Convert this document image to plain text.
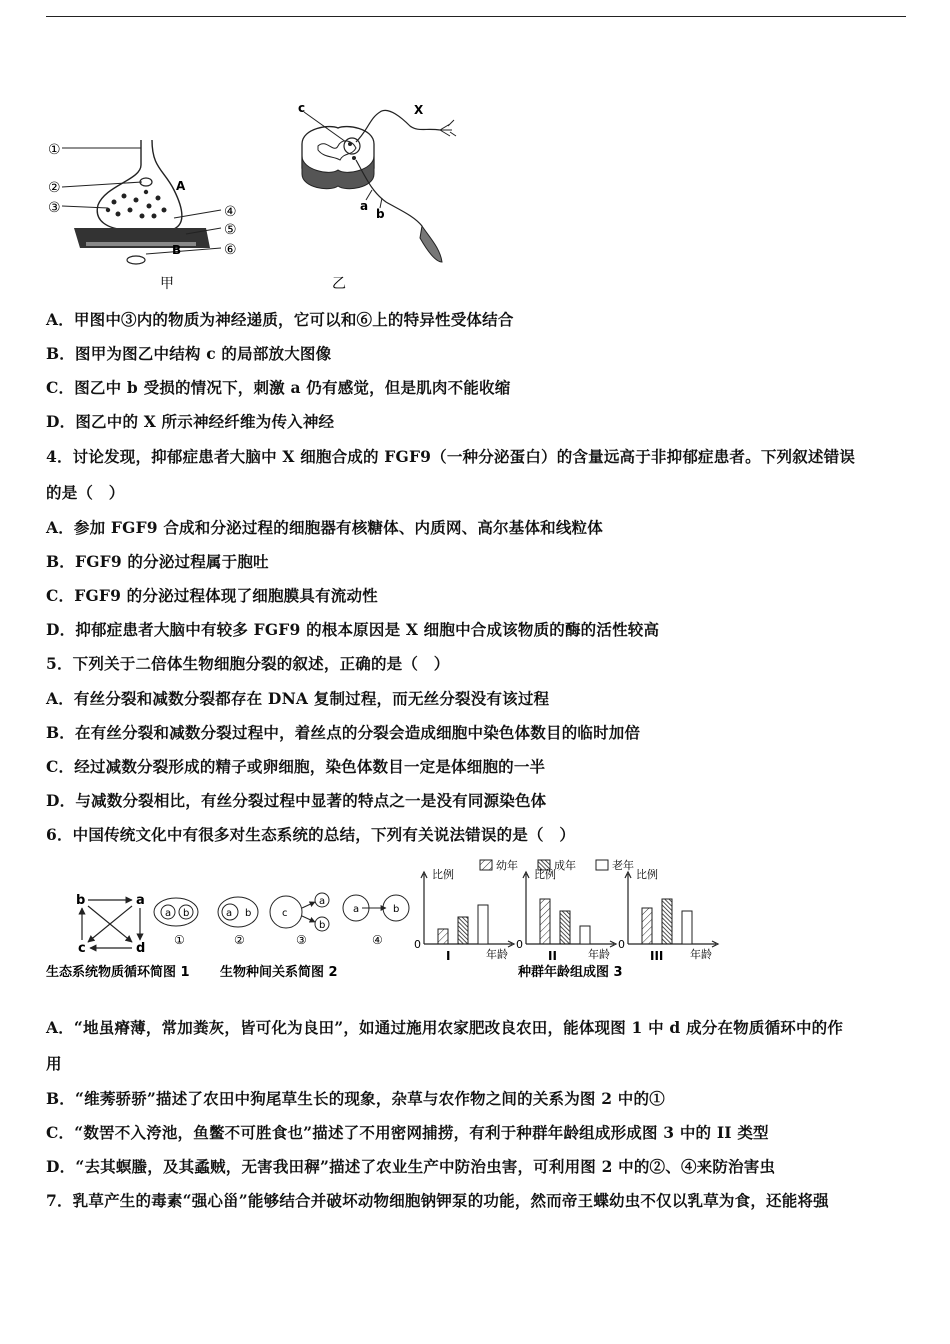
①
②
③	④
⑤
⑥
A
B
甲
c	X
a
b
乙
A．甲图中③内的物质为神经递质，它可以和⑥上的特异性受体结合
B．图甲为图乙中结构 c 的局部放大图像
C．图乙中 b 受损的情况下，刺激 a 仍有感觉，但是肌肉不能收缩
D．图乙中的 X 所示神经纤维为传入神经
4．讨论发现，抑郁症患者大脑中 X 细胞合成的 FGF9（一种分泌蛋白）的含量远高于非抑郁症患者。下列叙述错误
的是（　）
A．参加 FGF9 合成和分泌过程的细胞器有核糖体、内质网、高尔基体和线粒体
B．FGF9 的分泌过程属于胞吐
C．FGF9 的分泌过程体现了细胞膜具有流动性
D．抑郁症患者大脑中有较多 FGF9 的根本原因是 X 细胞中合成该物质的酶的活性较高
5．下列关于二倍体生物细胞分裂的叙述，正确的是（　）
A．有丝分裂和减数分裂都存在 DNA 复制过程，而无丝分裂没有该过程
B．在有丝分裂和减数分裂过程中，着丝点的分裂会造成细胞中染色体数目的临时加倍
C．经过减数分裂形成的精子或卵细胞，染色体数目一定是体细胞的一半
D．与减数分裂相比，有丝分裂过程中显著的特点之一是没有同源染色体
6．中国传统文化中有很多对生态系统的总结，下列有关说法错误的是（　）
b	a
c	d
生态系统物质循环简图 1
a b
①
a b
②
c
a
b
③
a	b
④
生物种间关系简图 2
幼年	成年	老年
比例
年龄
0
I
比例
年龄
0
II
比例
年龄
0
III
种群年龄组成图 3
A．“地虽瘠薄，常加粪灰，皆可化为良田”，如通过施用农家肥改良农田，能体现图 1 中 d 成分在物质循环中的作
用
B．“维莠骄骄”描述了农田中狗尾草生长的现象，杂草与农作物之间的关系为图 2 中的①
C．“数罟不入洿池，鱼鳖不可胜食也”描述了不用密网捕捞，有利于种群年龄组成形成图 3 中的 II 类型
D．“去其螟螣，及其蟊贼，无害我田稺”描述了农业生产中防治虫害，可利用图 2 中的②、④来防治害虫
7．乳草产生的毒素“强心甾”能够结合并破坏动物细胞钠钾泵的功能，然而帝王蝶幼虫不仅以乳草为食，还能将强
